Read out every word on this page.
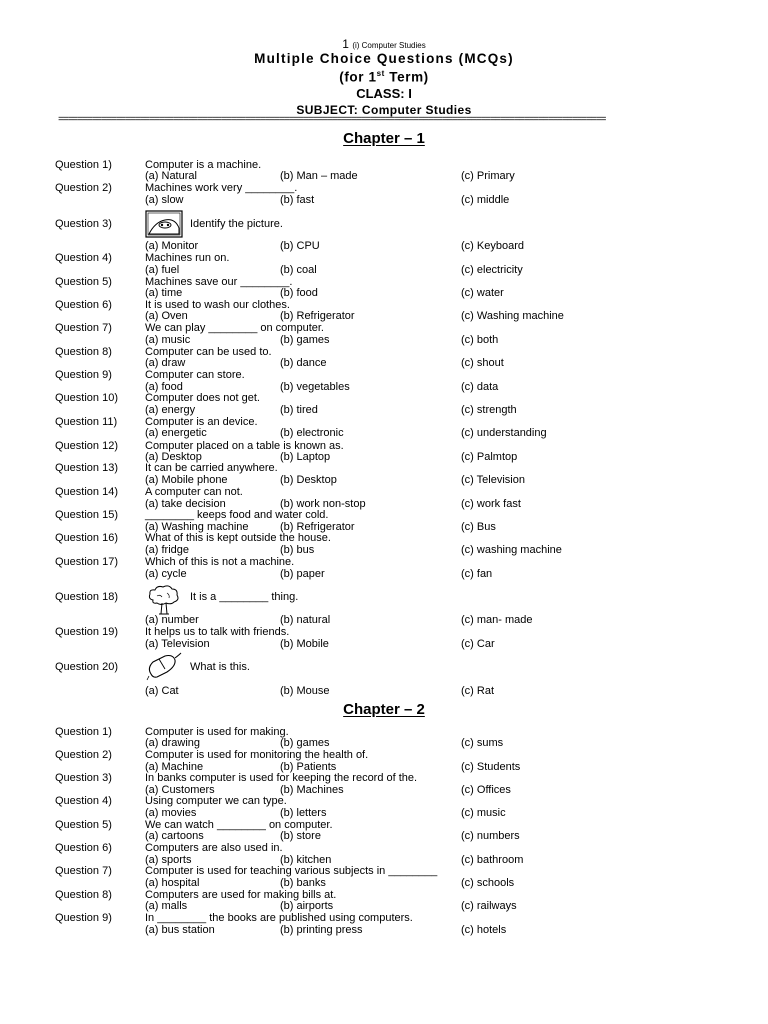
1 (i) Computer Studies
Multiple Choice Questions (MCQs)
(for 1st Term)
CLASS: I
SUBJECT: Computer Studies
==================================================================================================================
Chapter – 1
Chapter – 2
Question 1)	Computer is a machine.
(a) Natural	(b) Man – made	(c) Primary
Question 2)	Machines work very ________.
(a) slow	(b) fast	(c) middle
Question 3)	Identify the picture.
(a) Monitor	(b) CPU	(c) Keyboard
Question 4)	Machines run on.
(a) fuel	(b) coal	(c) electricity
Question 5)	Machines save our ________.
(a) time	(b) food	(c) water
Question 6)	It is used to wash our clothes.
(a) Oven	(b) Refrigerator	(c) Washing machine
Question 7)	We can play ________ on computer.
(a) music	(b) games	(c) both
Question 8)	Computer can be used to.
(a) draw	(b) dance	(c) shout
Question 9)	Computer can store.
(a) food	(b) vegetables	(c) data
Question 10) Computer does not get.
(a) energy	(b) tired	(c) strength
Question 11)	Computer is an device.
(a) energetic	(b) electronic	(c) understanding
Question 12) Computer placed on a table is known as.
(a) Desktop	(b) Laptop	(c) Palmtop
Question 13) It can be carried anywhere.
(a) Mobile phone	(b) Desktop	(c) Television
Question 14) A computer can not.
(a) take decision	(b) work non-stop	(c) work fast
Question 15) ________ keeps food and water cold.
(a) Washing machine	(b) Refrigerator	(c) Bus
Question 16) What of this is kept outside the house.
(a) fridge	(b) bus	(c) washing machine
Question 17) Which of this is not a machine.
(a) cycle	(b) paper	(c) fan
Question 18)	It is a ________ thing.
(a) number	(b) natural	(c) man- made
Question 19) It helps us to talk with friends.
(a) Television	(b) Mobile	(c) Car
Question 20)	What is this.
(a) Cat	(b) Mouse	(c) Rat
Question 1)	Computer is used for making.
(a) drawing	(b) games	(c) sums
Question 2)	Computer is used for monitoring the health of.
(a) Machine	(b) Patients	(c) Students
Question 3)	In banks computer is used for keeping the record of the.
(a) Customers	(b) Machines	(c) Offices
Question 4)	Using computer we can type.
(a) movies	(b) letters	(c) music
Question 5)	We can watch ________ on computer.
(a) cartoons	(b) store	(c) numbers
Question 6)	Computers are also used in.
(a) sports	(b) kitchen	(c) bathroom
Question 7)	Computer is used for teaching various subjects in ________
(a) hospital	(b) banks	(c) schools
Question 8)	Computers are used for making bills at.
(a) malls	(b) airports	(c) railways
Question 9)	In ________ the books are published using computers.
(a) bus station	(b) printing press	(c) hotels
